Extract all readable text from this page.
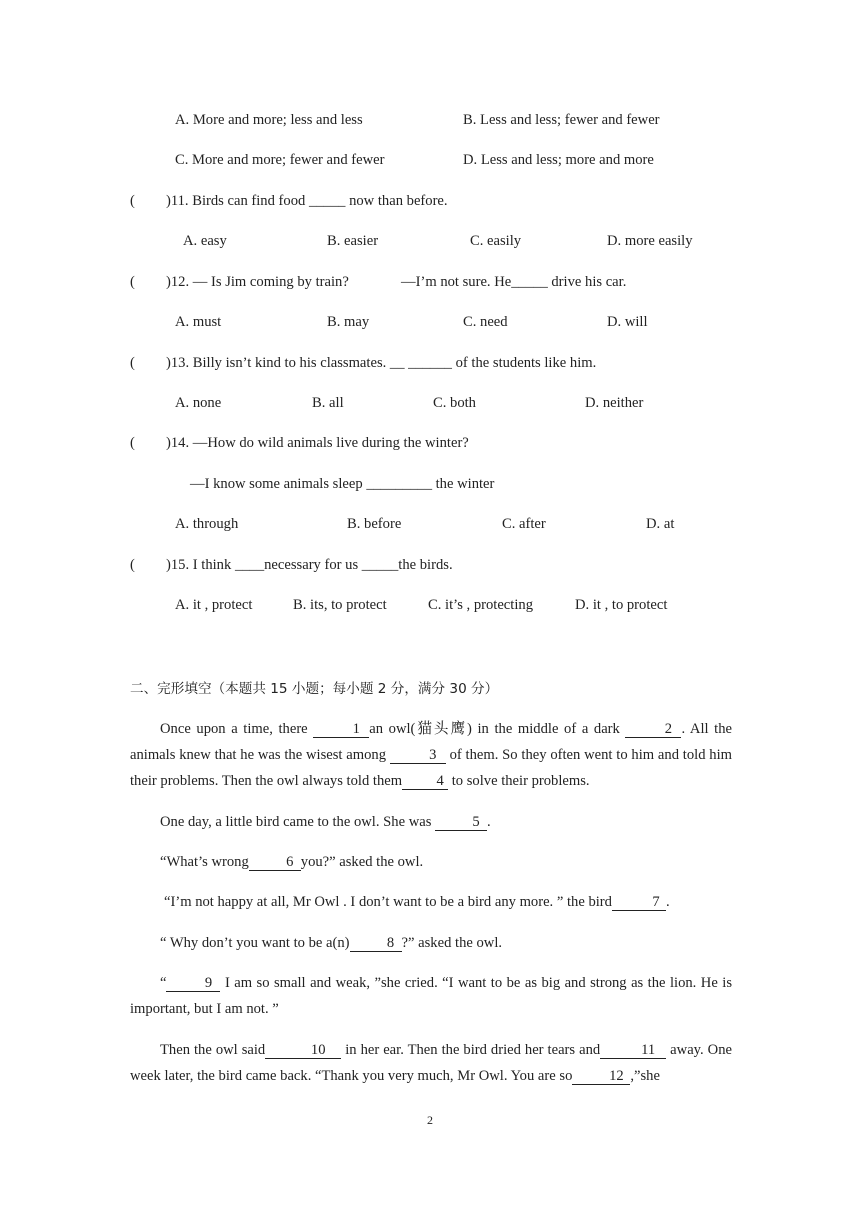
A. More and more; less and less	B. Less and less; fewer and fewer
C. More and more; fewer and fewer	D. Less and less; more and more
( )11. Birds can find food _____ now than before.
A. easy	B. easier	C. easily	D. more easily
( )12. — Is Jim coming by train?	—I’m not sure. He_____ drive his car.
A. must	B. may	C. need	D. will
( )13. Billy isn’t kind to his classmates. __ ______ of the students like him.
A. none	B. all	C. both	D. neither
( )14. —How do wild animals live during the winter?
—I know some animals sleep _________ the winter
A. through	B. before	C. after	D. at
( )15. I think ____necessary for us _____the birds.
A. it , protect	B. its, to protect	C. it’s , protecting	D. it , to protect
二、完形填空（本题共 15 小题；每小题 2 分，满分 30 分）
Once upon a time, there	1 an owl(猫头鹰) in the middle of a dark	2 . All the animals knew that he was the wisest among	3 of them. So they often went to him and told him their problems. Then the owl always told them 4 to solve their problems.
One day, a little bird came to the owl. She was	5 .
“What’s wrong	6 you?” asked the owl.
“I’m not happy at all, Mr Owl . I don’t want to be a bird any more. ” the bird	7 .
“ Why don’t you want to be a(n)	8 ?” asked the owl.
“	9 I am so small and weak, ”she cried. “I want to be as big and strong as the lion. He is important, but I am not. ”
Then the owl said	10 in her ear. Then the bird dried her tears and	11 away. One week later, the bird came back. “Thank you very much, Mr Owl. You are so	12 ,”she
2
